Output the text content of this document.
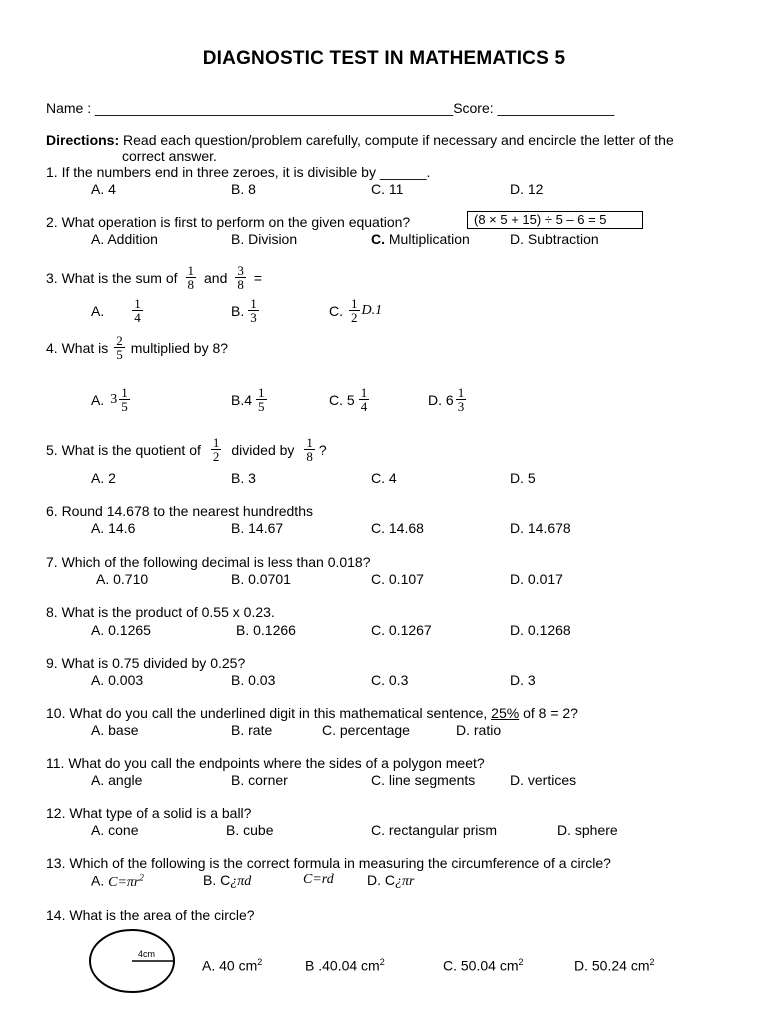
DIAGNOSTIC TEST IN MATHEMATICS 5
Name : ______________________________________________Score: _______________
Directions: Read each question/problem carefully, compute if necessary and encircle the letter of the
correct answer.
1. If the numbers end in three zeroes, it is divisible by ______.
A. 4	B. 8	C. 11	D. 12
2. What operation is first to perform on the given equation?	(8 × 5 + 15) ÷ 5 – 6 = 5
A. Addition	B. Division	C. Multiplication	D. Subtraction
3. What is the sum of $\frac{1}{8}$ and $\frac{3}{8}$ =
A. $\frac{1}{4}$	B. $\frac{1}{3}$	C. $\frac{1}{2} D.1$
4. What is $\frac{2}{5}$ multiplied by 8?
A. $3 \frac{1}{5}$	$B.4 \frac{1}{5}$	C. $5 \frac{1}{4}$	D. $6 \frac{1}{3}$
5. What is the quotient of $\frac{1}{2}$ divided by $\frac{1}{8}$ ?
A. 2	B. 3	C. 4	D. 5
6. Round 14.678 to the nearest hundredths
A. 14.6	B. 14.67	C. 14.68	D. 14.678
7. Which of the following decimal is less than 0.018?
A. 0.710	B. 0.0701	C. 0.107	D. 0.017
8. What is the product of 0.55 x 0.23.
A. 0.1265	B. 0.1266	C. 0.1267	D. 0.1268
9. What is 0.75 divided by 0.25?
A. 0.003	B. 0.03	C. 0.3	D. 3
10. What do you call the underlined digit in this mathematical sentence, 25% of 8 = 2?
A. base	B. rate	C. percentage	D. ratio
11. What do you call the endpoints where the sides of a polygon meet?
A. angle	B. corner	C. line segments D. vertices
12. What type of a solid is a ball?
A. cone	B. cube	C. rectangular prism	D. sphere
13. Which of the following is the correct formula in measuring the circumference of a circle?
A. $C=\pi r^2$	B. C¿πd	C=rd D. C¿πr
14. What is the area of the circle?
4cm
A. 40 $cm^2$	B .40.04 $cm^2$	C. 50.04 $cm^2$	D. 50.24 $cm^2$
